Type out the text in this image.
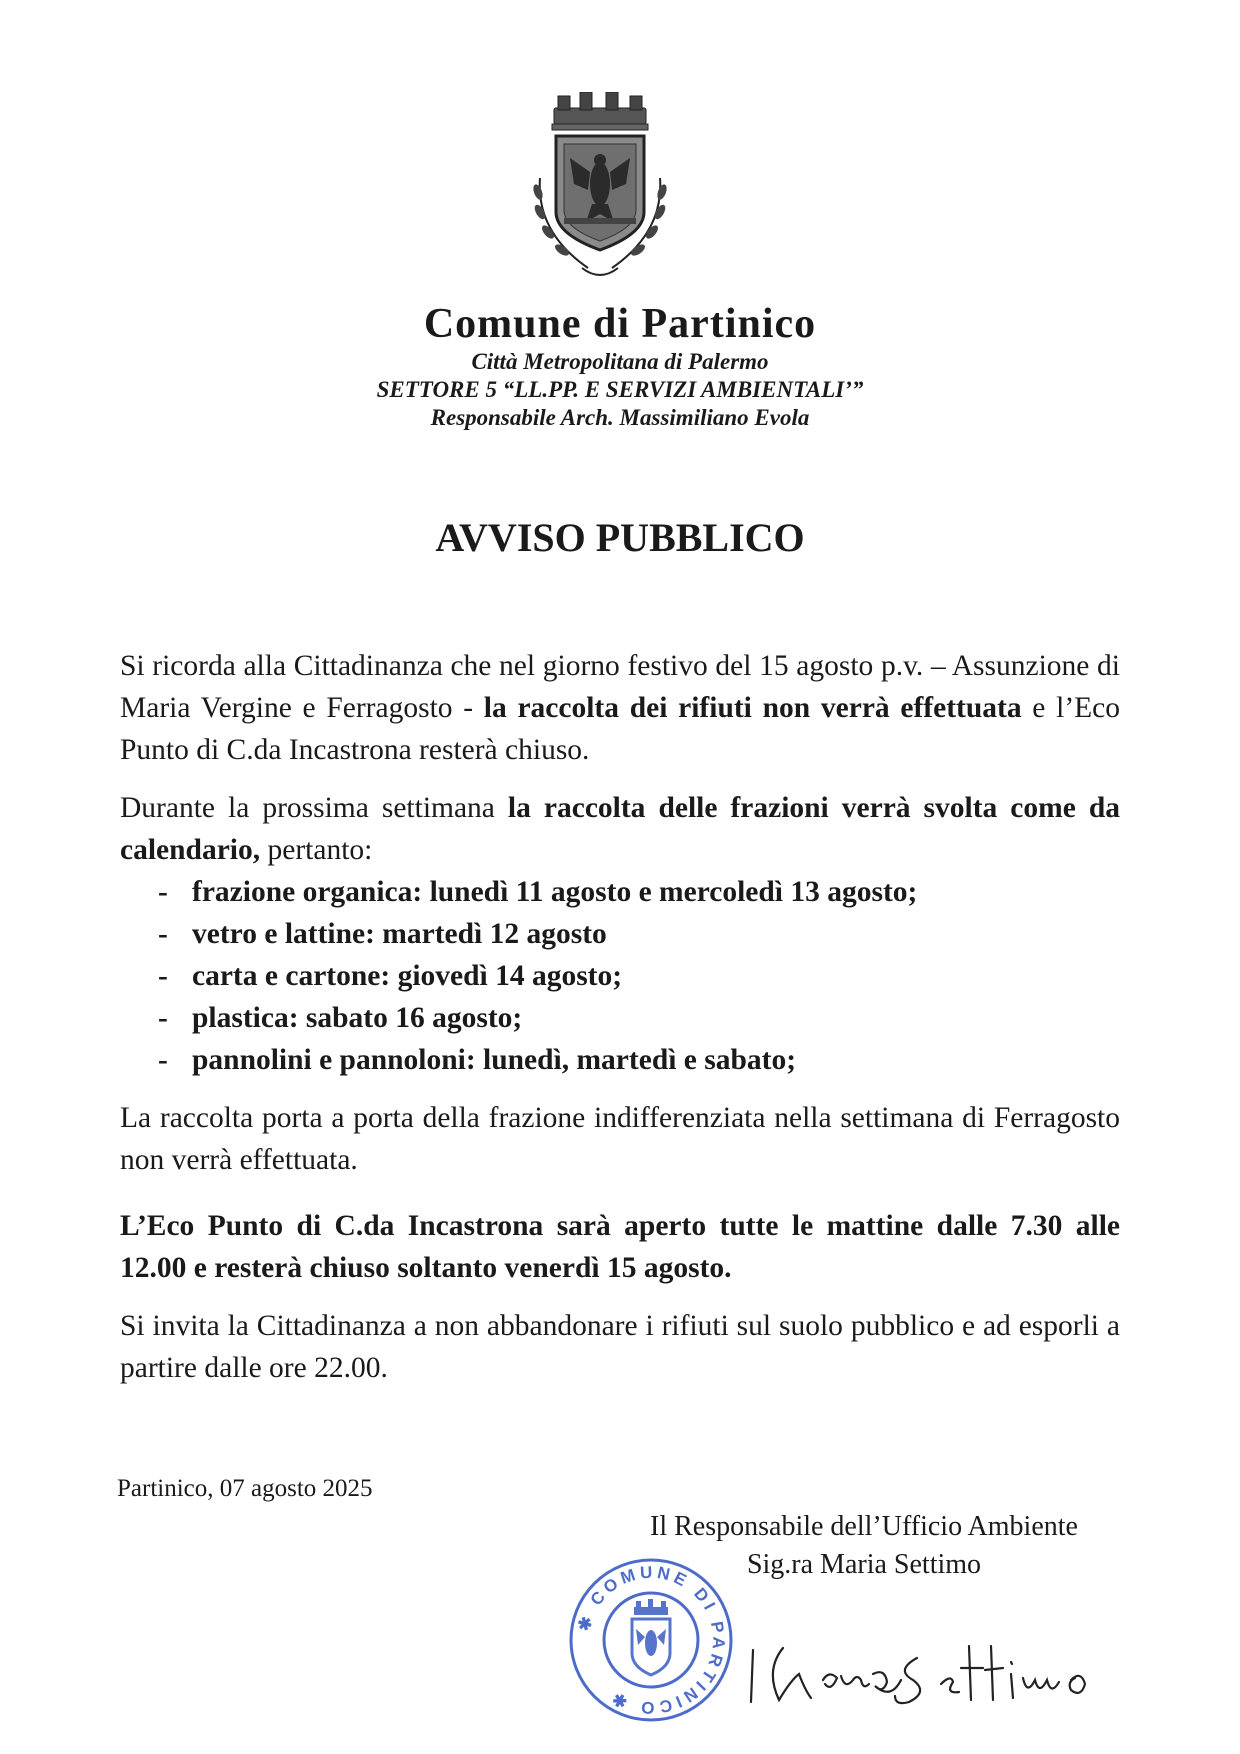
Comune di Partinico

Città Metropolitana di Palermo

SETTORE 5 “LL.PP. E SERVIZI AMBIENTALI’”

Responsabile Arch. Massimiliano Evola

AVVISO PUBBLICO

Si ricorda alla Cittadinanza che nel giorno festivo del 15 agosto p.v. – Assunzione di Maria Vergine e Ferragosto - la raccolta dei rifiuti non verrà effettuata e l’Eco Punto di C.da Incastrona resterà chiuso.

Durante la prossima settimana la raccolta delle frazioni verrà svolta come da calendario, pertanto:

- frazione organica: lunedì 11 agosto e mercoledì 13 agosto;
- vetro e lattine: martedì 12 agosto
- carta e cartone: giovedì 14 agosto;
- plastica: sabato 16 agosto;
- pannolini e pannoloni: lunedì, martedì e sabato;

La raccolta porta a porta della frazione indifferenziata nella settimana di Ferragosto non verrà effettuata.

L’Eco Punto di C.da Incastrona sarà aperto tutte le mattine dalle 7.30 alle 12.00 e resterà chiuso soltanto venerdì 15 agosto.

Si invita la Cittadinanza a non abbandonare i rifiuti sul suolo pubblico e ad esporli a partire dalle ore 22.00.

Partinico, 07 agosto 2025

Il Responsabile dell’Ufficio Ambiente

Sig.ra Maria Settimo

✱ COMUNE DI PARTINICO ✱
